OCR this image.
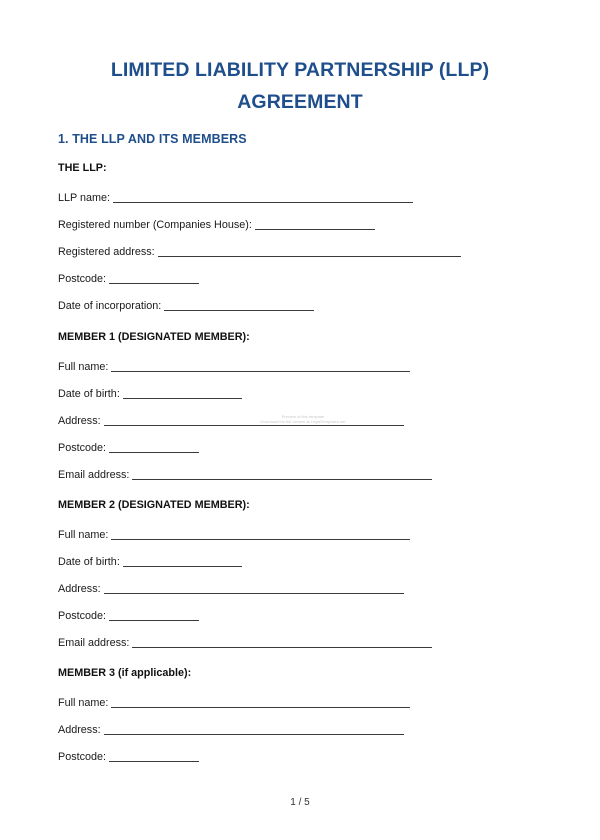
LIMITED LIABILITY PARTNERSHIP (LLP)
AGREEMENT
1. THE LLP AND ITS MEMBERS
THE LLP:
LLP name:
Registered number (Companies House):
Registered address:
Postcode:
Date of incorporation:
MEMBER 1 (DESIGNATED MEMBER):
Full name:
Date of birth:
Address:
Postcode:
Email address:
MEMBER 2 (DESIGNATED MEMBER):
Full name:
Date of birth:
Address:
Postcode:
Email address:
MEMBER 3 (if applicable):
Full name:
Address:
Postcode:
Preview of this template
Download the full version at LegalTemplates.net
1 / 5
